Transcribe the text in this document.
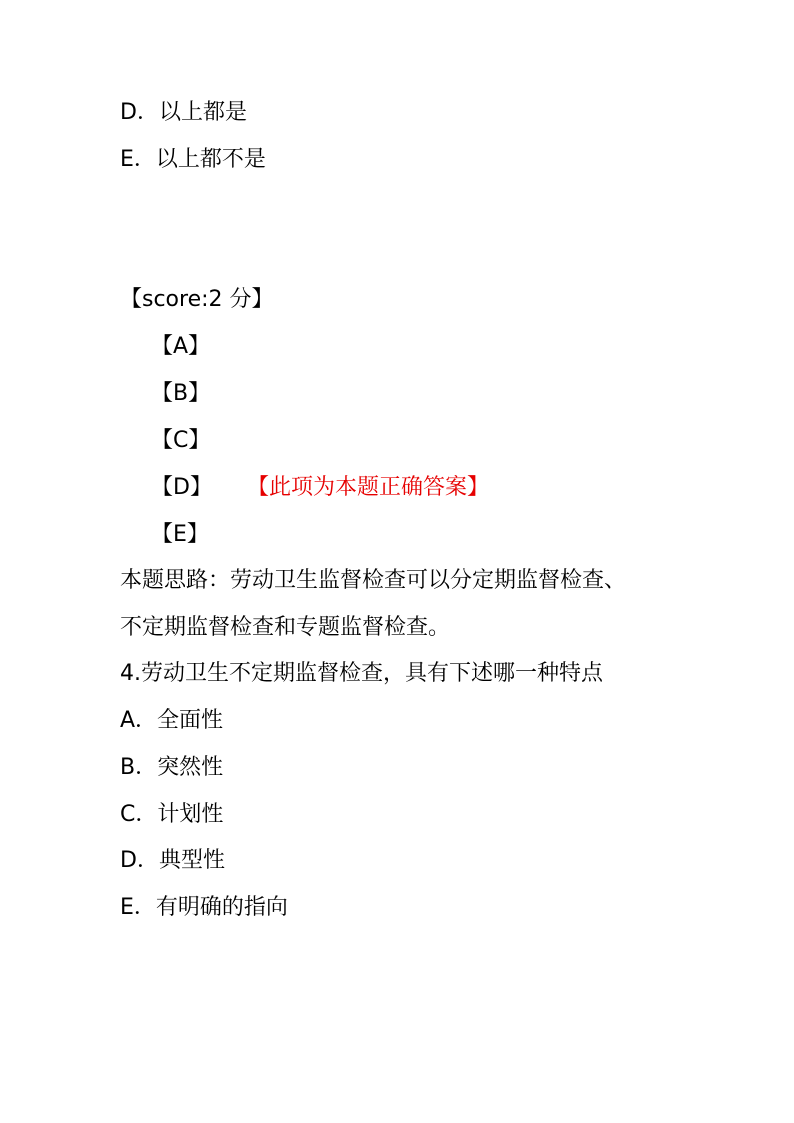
D．以上都是
E．以上都不是
【score:2 分】
【A】
【B】
【C】
【D】 【此项为本题正确答案】
【E】
本题思路：劳动卫生监督检查可以分定期监督检查、
不定期监督检查和专题监督检查。
4.劳动卫生不定期监督检查，具有下述哪一种特点
A．全面性
B．突然性
C．计划性
D．典型性
E．有明确的指向
